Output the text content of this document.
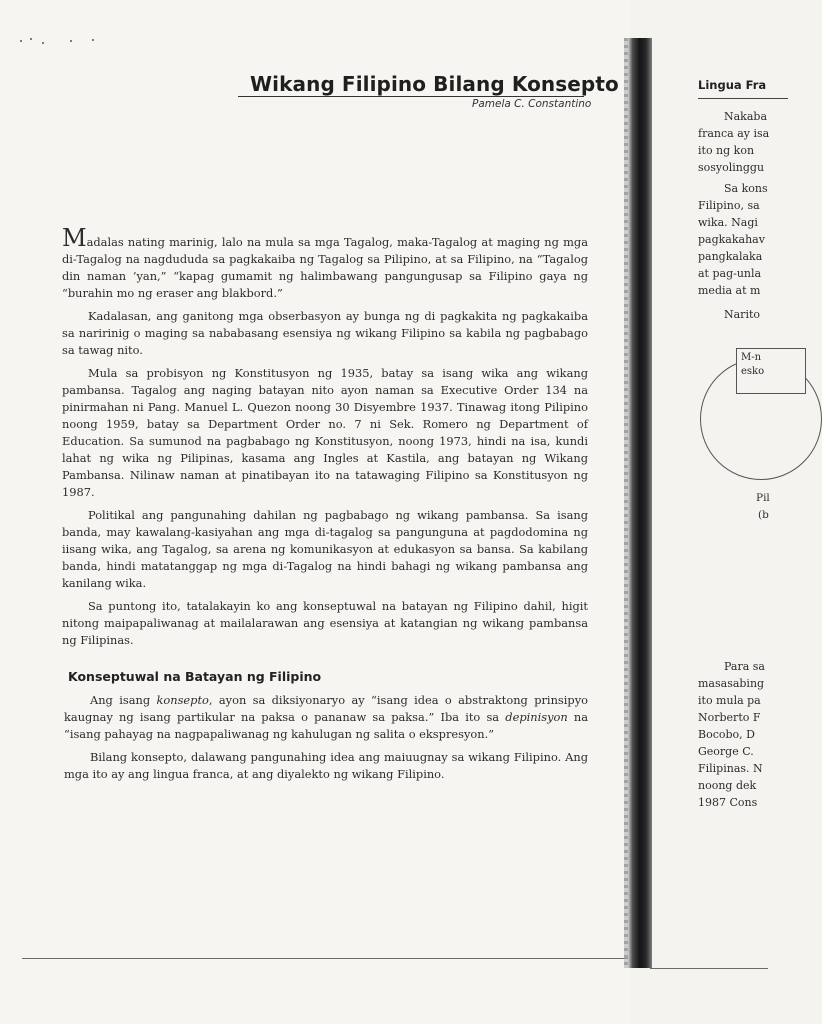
Wikang Filipino Bilang Konsepto
Pamela C. Constantino

Madalas nating marinig, lalo na mula sa mga Tagalog, maka-Tagalog at maging ng mga di-Tagalog na nagdududa sa pagkakaiba ng Tagalog sa Pilipino, at sa Filipino, na “Tagalog din naman ’yan,” “kapag gumamit ng halimbawang pangungusap sa Filipino gaya ng “burahin mo ng eraser ang blakbord.”

Kadalasan, ang ganitong mga obserbasyon ay bunga ng di pagkakita ng pagkakaiba sa naririnig o maging sa nababasang esensiya ng wikang Filipino sa kabila ng pagbabago sa tawag nito.

Mula sa probisyon ng Konstitusyon ng 1935, batay sa isang wika ang wikang pambansa. Tagalog ang naging batayan nito ayon naman sa Executive Order 134 na pinirmahan ni Pang. Manuel L. Quezon noong 30 Disyembre 1937. Tinawag itong Pilipino noong 1959, batay sa Department Order no. 7 ni Sek. Romero ng Department of Education. Sa sumunod na pagbabago ng Konstitusyon, noong 1973, hindi na isa, kundi lahat ng wika ng Pilipinas, kasama ang Ingles at Kastila, ang batayan ng Wikang Pambansa. Nilinaw naman at pinatibayan ito na tatawaging Filipino sa Konstitusyon ng 1987.

Politikal ang pangunahing dahilan ng pagbabago ng wikang pambansa. Sa isang banda, may kawalang-kasiyahan ang mga di-tagalog sa pangunguna at pagdodomina ng iisang wika, ang Tagalog, sa arena ng komunikasyon at edukasyon sa bansa. Sa kabilang banda, hindi matatanggap ng mga di-Tagalog na hindi bahagi ng wikang pambansa ang kanilang wika.

Sa puntong ito, tatalakayin ko ang konseptuwal na batayan ng Filipino dahil, higit nitong maipapaliwanag at mailalarawan ang esensiya at katangian ng wikang pambansa ng Filipinas.

Konseptuwal na Batayan ng Filipino

Ang isang konsepto, ayon sa diksiyonaryo ay “isang idea o abstraktong prinsipyo kaugnay ng isang partikular na paksa o pananaw sa paksa.” Iba ito sa depinisyon na “isang pahayag na nagpapaliwanag ng kahulugan ng salita o ekspresyon.”

Bilang konsepto, dalawang pangunahing idea ang maiuugnay sa wikang Filipino. Ang mga ito ay ang lingua franca, at ang diyalekto ng wikang Filipino.

Lingua Fra
Nakaba
franca ay isa
ito ng kon
sosyolinggu
Sa kons
Filipino, sa
wika. Nagi
pagkakahav
pangkalaka
at pag-unla
media at m
Narito
M-n
esko
Pil
(b
Para sa
masasabing
ito mula pa
Norberto F
Bocobo, D
George C.
Filipinas. N
noong dek
1987 Cons
